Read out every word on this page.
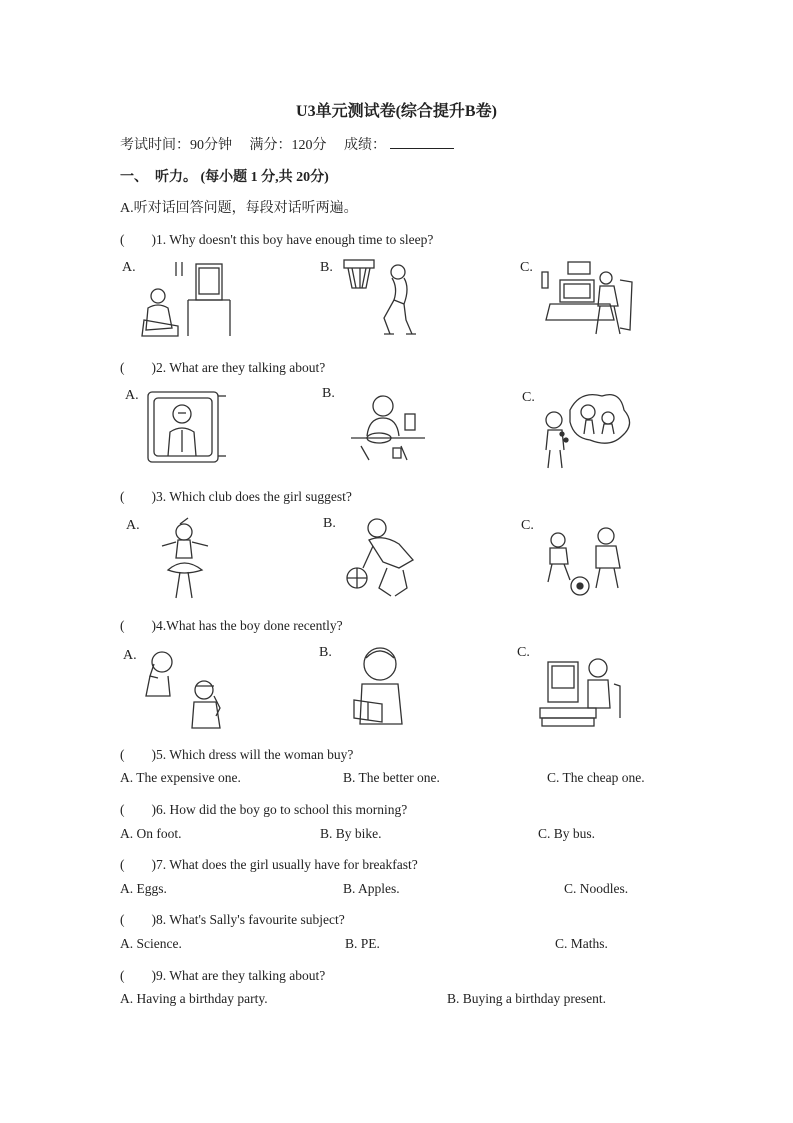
U3单元测试卷(综合提升B卷)
考试时间：90分钟 满分：120分 成绩：
一、　听力。 (每小题 1 分,共 20分)
A.听对话回答问题，每段对话听两遍。
(　　)1. Why doesn't this boy have enough time to sleep?
A.	B.	C.
(　　)2. What are they talking about?
A.	B.	C.
(　　)3. Which club does the girl suggest?
A.	B.	C.
(　　)4.What has the boy done recently?
A.	B.	C.
(　　)5. Which dress will the woman buy?
A. The expensive one.	B. The better one.	C. The cheap one.
(　　)6. How did the boy go to school this morning?
A. On foot.	B. By bike.	C. By bus.
(　　)7. What does the girl usually have for breakfast?
A. Eggs.	B. Apples.	C. Noodles.
(　　)8. What's Sally's favourite subject?
A. Science.	B. PE.	C. Maths.
(　　)9. What are they talking about?
A. Having a birthday party.	B. Buying a birthday present.
